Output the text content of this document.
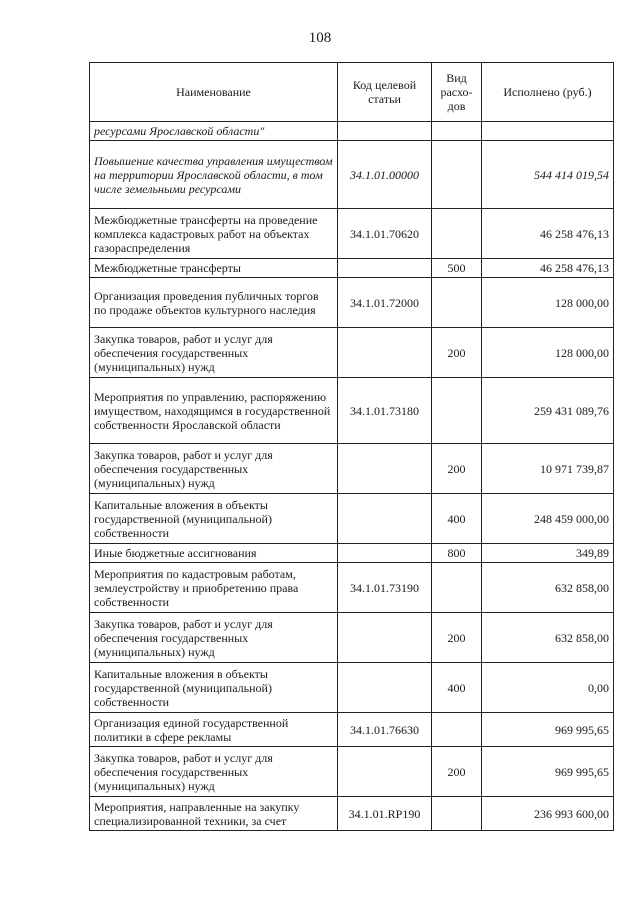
108
Наименование	Код целевой статьи	Вид расхо-дов	Исполнено (руб.)
ресурсами Ярославской области"			
Повышение качества управления имуществом на территории Ярославской области, в том числе земельными ресурсами	34.1.01.00000		544 414 019,54
Межбюджетные трансферты на проведение комплекса кадастровых работ на объектах газораспределения	34.1.01.70620		46 258 476,13
Межбюджетные трансферты		500	46 258 476,13
Организация проведения публичных торгов по продаже объектов культурного наследия	34.1.01.72000		128 000,00
Закупка товаров, работ и услуг для обеспечения государственных (муниципальных) нужд		200	128 000,00
Мероприятия по управлению, распоряжению имуществом, находящимся в государственной собственности Ярославской области	34.1.01.73180		259 431 089,76
Закупка товаров, работ и услуг для обеспечения государственных (муниципальных) нужд		200	10 971 739,87
Капитальные вложения в объекты государственной (муниципальной) собственности		400	248 459 000,00
Иные бюджетные ассигнования		800	349,89
Мероприятия по кадастровым работам, землеустройству и приобретению права собственности	34.1.01.73190		632 858,00
Закупка товаров, работ и услуг для обеспечения государственных (муниципальных) нужд		200	632 858,00
Капитальные вложения в объекты государственной (муниципальной) собственности		400	0,00
Организация единой государственной политики в сфере рекламы	34.1.01.76630		969 995,65
Закупка товаров, работ и услуг для обеспечения государственных (муниципальных) нужд		200	969 995,65
Мероприятия, направленные на закупку специализированной техники, за счет	34.1.01.RP190		236 993 600,00
